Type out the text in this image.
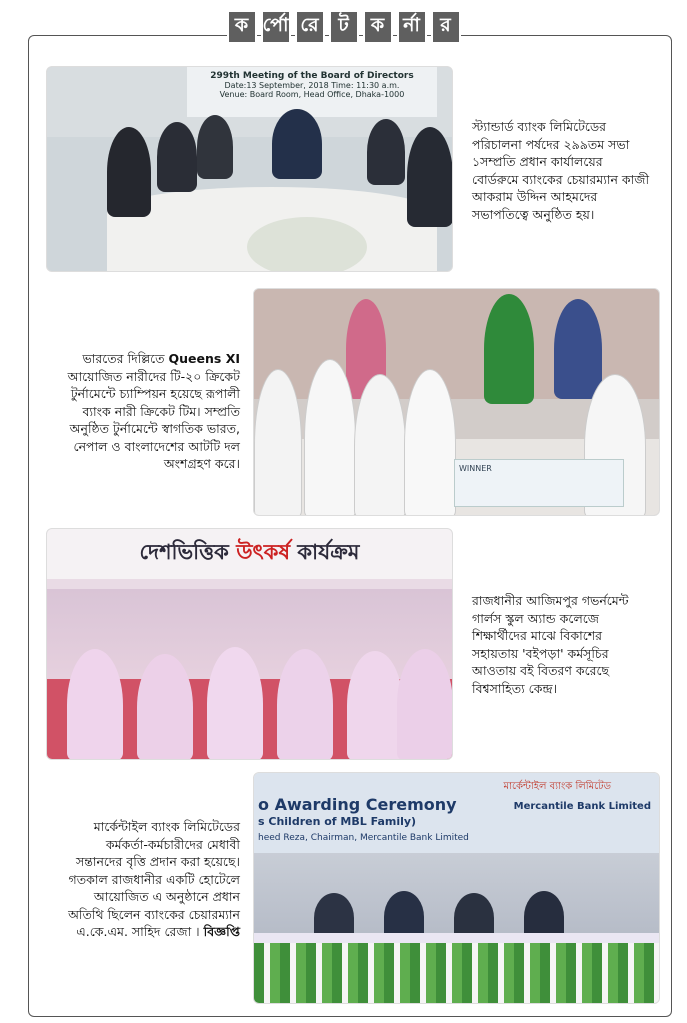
ক র্পো রে	ট	ক র্না	র
299th Meeting of the Board of Directors
Date:13 September, 2018 Time: 11:30 a.m.
Venue: Board Room, Head Office, Dhaka-1000
স্ট্যান্ডার্ড ব্যাংক লিমিটেডের পরিচালনা পর্ষদের ২৯৯তম সভা ১সম্প্রতি প্রধান কার্যালয়ের বোর্ডরুমে ব্যাংকের চেয়ারম্যান কাজী আকরাম উদ্দিন আহমদের সভাপতিত্বে অনুষ্ঠিত হয়।
WINNER
ভারতের দিল্লিতে Queens XI আয়োজিত নারীদের টি-২০ ক্রিকেট টুর্নামেন্টে চ্যাম্পিয়ন হয়েছে রূপালী ব্যাংক নারী ক্রিকেট টিম। সম্প্রতি অনুষ্ঠিত টুর্নামেন্টে স্বাগতিক ভারত, নেপাল ও বাংলাদেশের আটটি দল অংশগ্রহণ করে।
দেশভিত্তিক উৎকর্ষ কার্যক্রম
রাজধানীর আজিমপুর গভর্নমেন্ট গার্লস স্কুল অ্যান্ড কলেজে শিক্ষার্থীদের মাঝে বিকাশের সহায়তায় 'বইপড়া' কর্মসূচির আওতায় বই বিতরণ করেছে বিশ্বসাহিত্য কেন্দ্র।
o Awarding Ceremony
s Children of MBL Family)
heed Reza, Chairman, Mercantile Bank Limited
মার্কেন্টাইল ব্যাংক লিমিটেড
Mercantile Bank Limited
মার্কেন্টাইল ব্যাংক লিমিটেডের কর্মকর্তা-কর্মচারীদের মেধাবী সন্তানদের বৃত্তি প্রদান করা হয়েছে। গতকাল রাজধানীর একটি হোটেলে আয়োজিত এ অনুষ্ঠানে প্রধান অতিথি ছিলেন ব্যাংকের চেয়ারম্যান এ.কে.এম. সাহিদ রেজা । বিজ্ঞপ্তি
